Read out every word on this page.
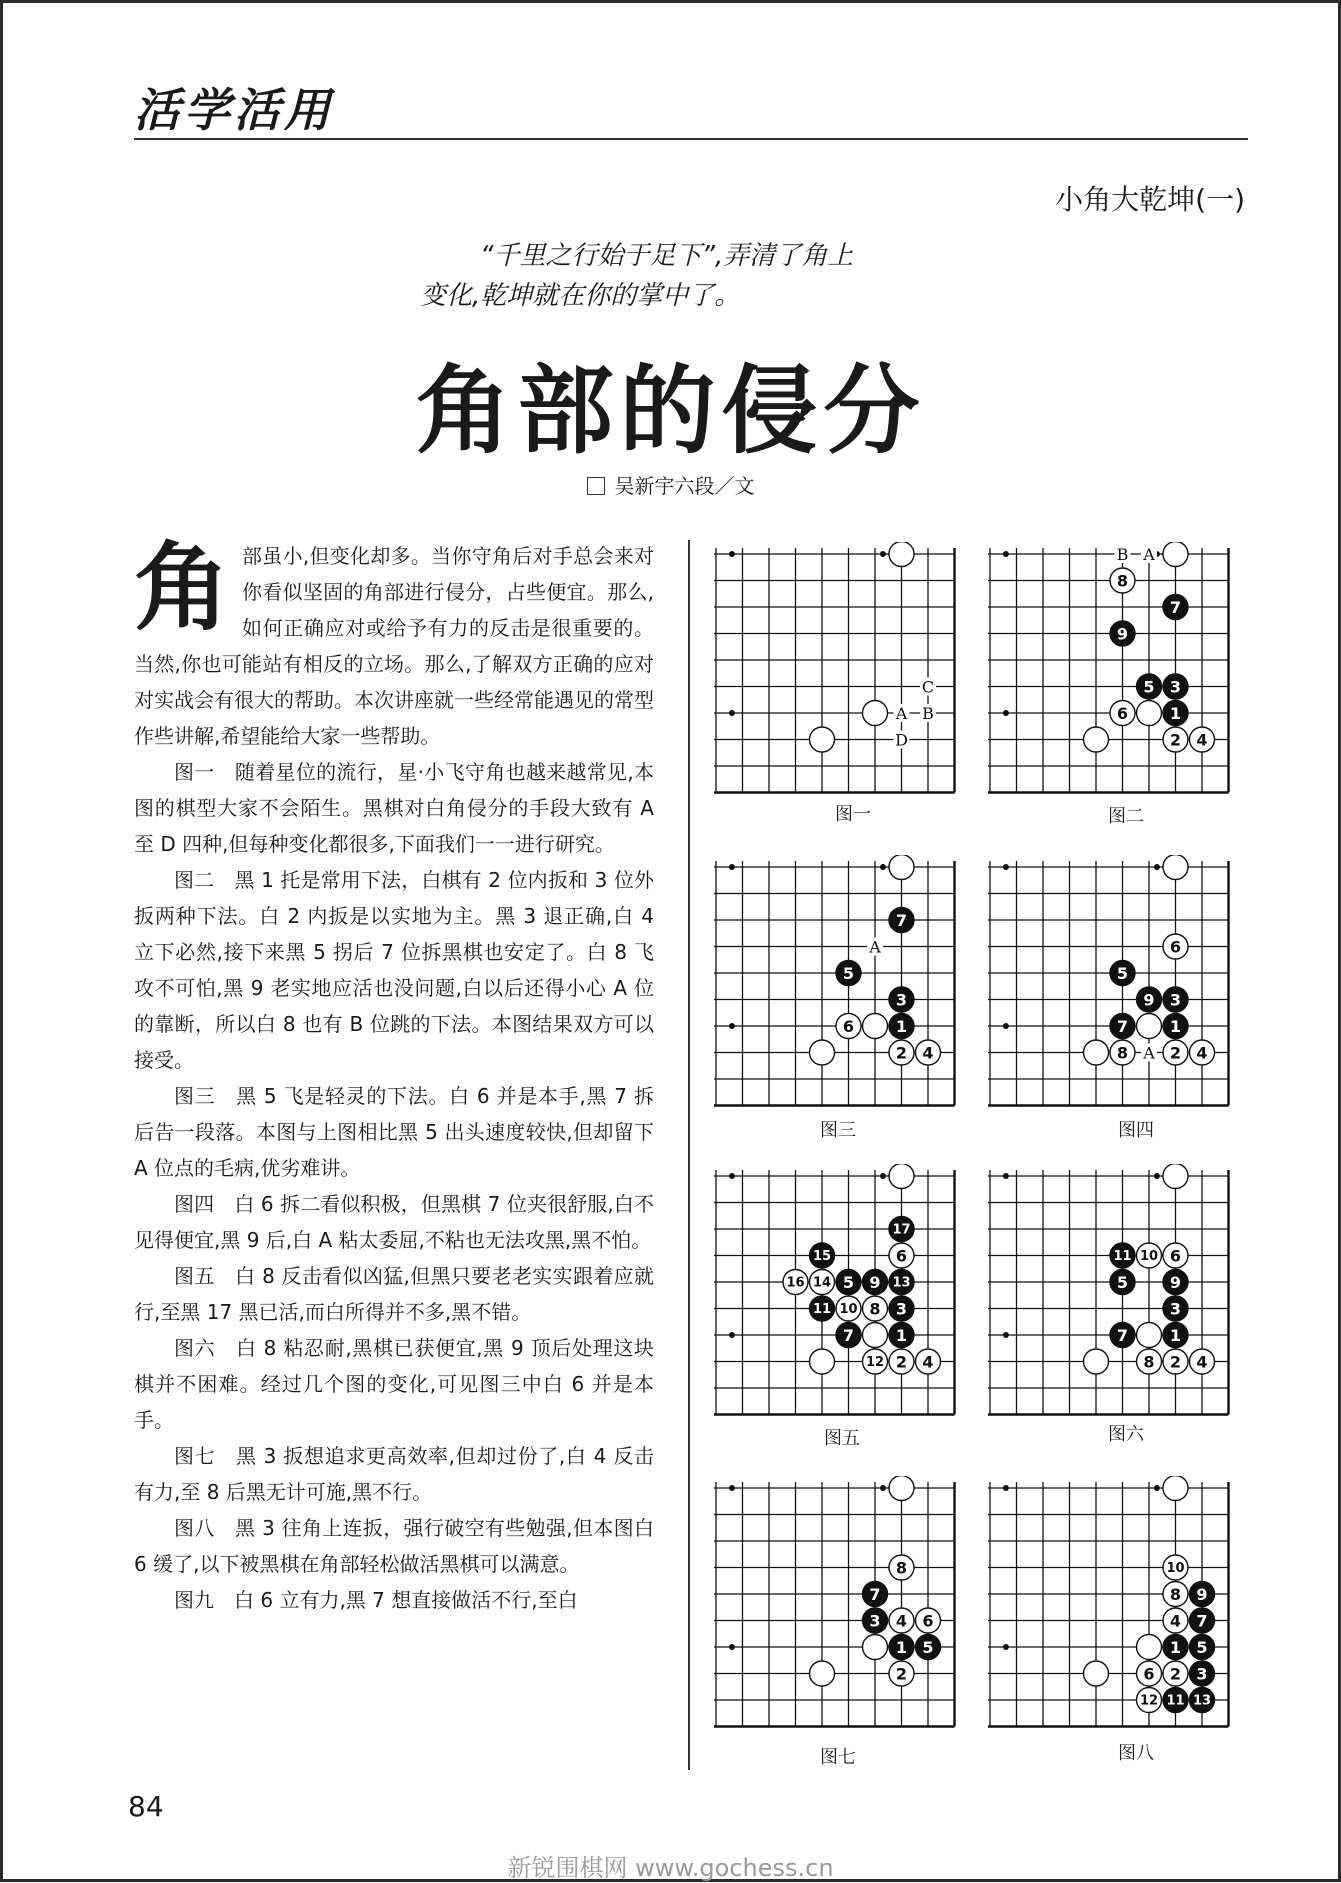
活学活用
小角大乾坤(一)
“千里之行始于足下”,弄清了角上
变化,乾坤就在你的掌中了。
角部的侵分
吴新宇六段／文

角部虽小,但变化却多。当你守角后对手总会来对你看似坚固的角部进行侵分，占些便宜。那么,如何正确应对或给予有力的反击是很重要的。当然,你也可能站有相反的立场。那么,了解双方正确的应对对实战会有很大的帮助。本次讲座就一些经常能遇见的常型作些讲解,希望能给大家一些帮助。

图一　随着星位的流行，星·小飞守角也越来越常见,本图的棋型大家不会陌生。黑棋对白角侵分的手段大致有 A 至 D 四种,但每种变化都很多,下面我们一一进行研究。

图二　黑 1 托是常用下法，白棋有 2 位内扳和 3 位外扳两种下法。白 2 内扳是以实地为主。黑 3 退正确,白 4 立下必然,接下来黑 5 拐后 7 位拆黑棋也安定了。白 8 飞攻不可怕,黑 9 老实地应活也没问题,白以后还得小心 A 位的靠断，所以白 8 也有 B 位跳的下法。本图结果双方可以接受。

图三　黑 5 飞是轻灵的下法。白 6 并是本手,黑 7 拆后告一段落。本图与上图相比黑 5 出头速度较快,但却留下 A 位点的毛病,优劣难讲。

图四　白 6 拆二看似积极，但黑棋 7 位夹很舒服,白不见得便宜,黑 9 后,白 A 粘太委屈,不粘也无法攻黑,黑不怕。

图五　白 8 反击看似凶猛,但黑只要老老实实跟着应就行,至黑 17 黑已活,而白所得并不多,黑不错。

图六　白 8 粘忍耐,黑棋已获便宜,黑 9 顶后处理这块棋并不困难。经过几个图的变化,可见图三中白 6 并是本手。

图七　黑 3 扳想追求更高效率,但却过份了,白 4 反击有力,至 8 后黑无计可施,黑不行。

图八　黑 3 往角上连扳，强行破空有些勉强,但本图白 6 缓了,以下被黑棋在角部轻松做活黑棋可以满意。

图九　白 6 立有力,黑 7 想直接做活不行,至白

C
A B
D
图一
B A
8
7
9
5 3
6	1
2 4
图二
A
7
5
3
6	1
2 4
图三
A
6
5
9 3
7	1
8	2 4
图四
17
15	6
16 14 5 9 13
11 10 8 3
7	1
12 2 4
图五
11 10 6
5	9
3
7	1
8 2 4
图六
8
7
3 4 6
1 5
2
图七
10
8 9
4 7
1 5
6 2 3
12 11 13
图八
84
新锐围棋网 www.gochess.cn
